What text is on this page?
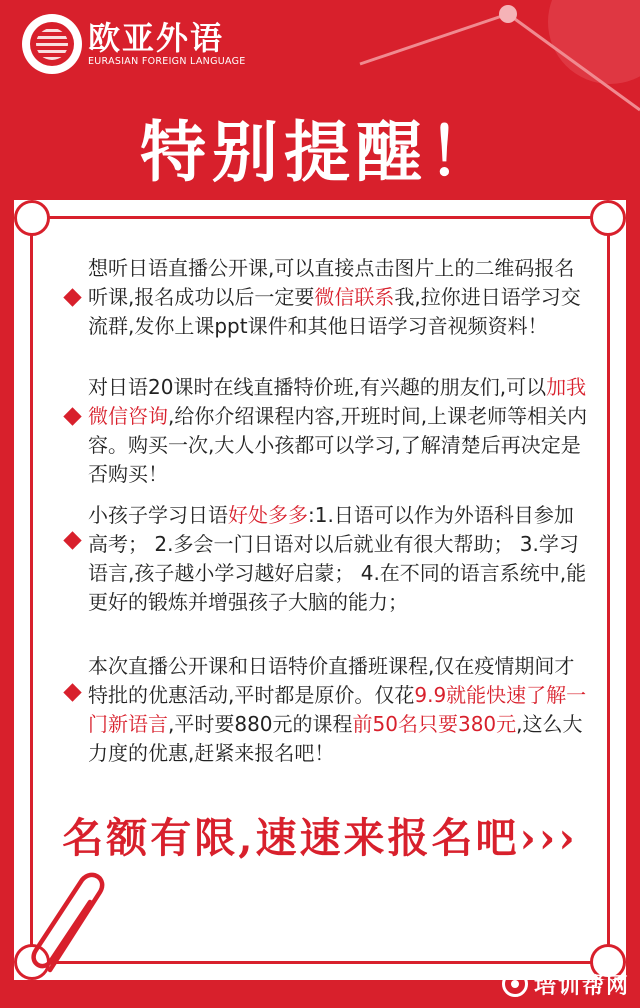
欧亚外语
EURASIAN FOREIGN LANGUAGE
特别提醒！

想听日语直播公开课,可以直接点击图片上的二维码报名听课,报名成功以后一定要微信联系我,拉你进日语学习交流群,发你上课ppt课件和其他日语学习音视频资料！

对日语20课时在线直播特价班,有兴趣的朋友们,可以加我微信咨询,给你介绍课程内容,开班时间,上课老师等相关内容。购买一次,大人小孩都可以学习,了解清楚后再决定是否购买！

小孩子学习日语好处多多:1.日语可以作为外语科目参加高考； 2.多会一门日语对以后就业有很大帮助； 3.学习语言,孩子越小学习越好启蒙； 4.在不同的语言系统中,能更好的锻炼并增强孩子大脑的能力；

本次直播公开课和日语特价直播班课程,仅在疫情期间才特批的优惠活动,平时都是原价。仅花9.9就能快速了解一门新语言,平时要880元的课程前50名只要380元,这么大力度的优惠,赶紧来报名吧！

名额有限,速速来报名吧›››
培训帮网
